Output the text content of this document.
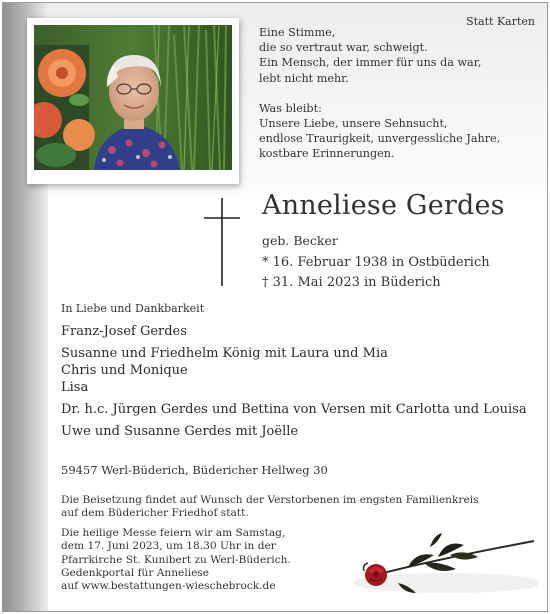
Statt Karten

Eine Stimme,
die so vertraut war, schweigt.
Ein Mensch, der immer für uns da war,
lebt nicht mehr.

Was bleibt:
Unsere Liebe, unsere Sehnsucht,
endlose Traurigkeit, unvergessliche Jahre,
kostbare Erinnerungen.

Anneliese Gerdes
geb. Becker
* 16. Februar 1938 in Ostbüderich
† 31. Mai 2023 in Büderich
In Liebe und Dankbarkeit
Franz-Josef Gerdes
Susanne und Friedhelm König mit Laura und Mia
Chris und Monique
Lisa
Dr. h.c. Jürgen Gerdes und Bettina von Versen mit Carlotta und Louisa
Uwe und Susanne Gerdes mit Joëlle
59457 Werl-Büderich, Büdericher Hellweg 30
Die Beisetzung findet auf Wunsch der Verstorbenen im engsten Familienkreis
auf dem Büdericher Friedhof statt.
Die heilige Messe feiern wir am Samstag,
dem 17. Juni 2023, um 18.30 Uhr in der
Pfarrkirche St. Kunibert zu Werl-Büderich.
Gedenkportal für Anneliese
auf www.bestattungen-wieschebrock.de
